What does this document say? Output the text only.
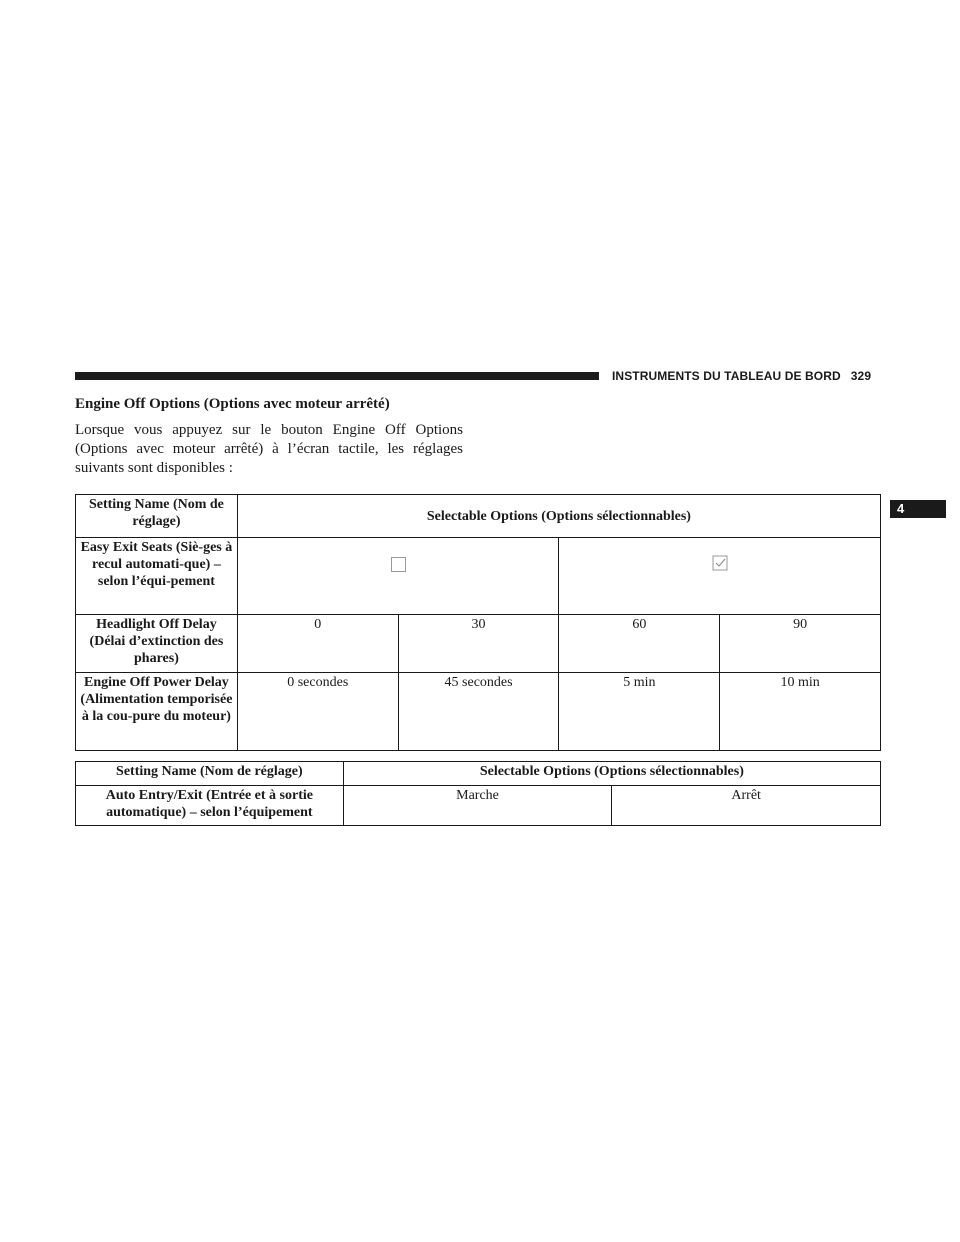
INSTRUMENTS DU TABLEAU DE BORD 329
4
Engine Off Options (Options avec moteur arrêté)
Lorsque vous appuyez sur le bouton Engine Off Options (Options avec moteur arrêté) à l’écran tactile, les réglages suivants sont disponibles :
Setting Name (Nom de réglage)	Selectable Options (Options sélectionnables)			
Easy Exit Seats (Siè-ges à recul automati-que) – selon l’équi-pement	

Headlight Off Delay (Délai d’extinction des phares)	0	30	60	90
Engine Off Power Delay (Alimentation temporisée à la cou-pure du moteur)	0 secondes	45 secondes	5 min	10 min
Setting Name (Nom de réglage)	Selectable Options (Options sélectionnables)	
Auto Entry/Exit (Entrée et à sortie automatique) – selon l’équipement	Marche	Arrêt
